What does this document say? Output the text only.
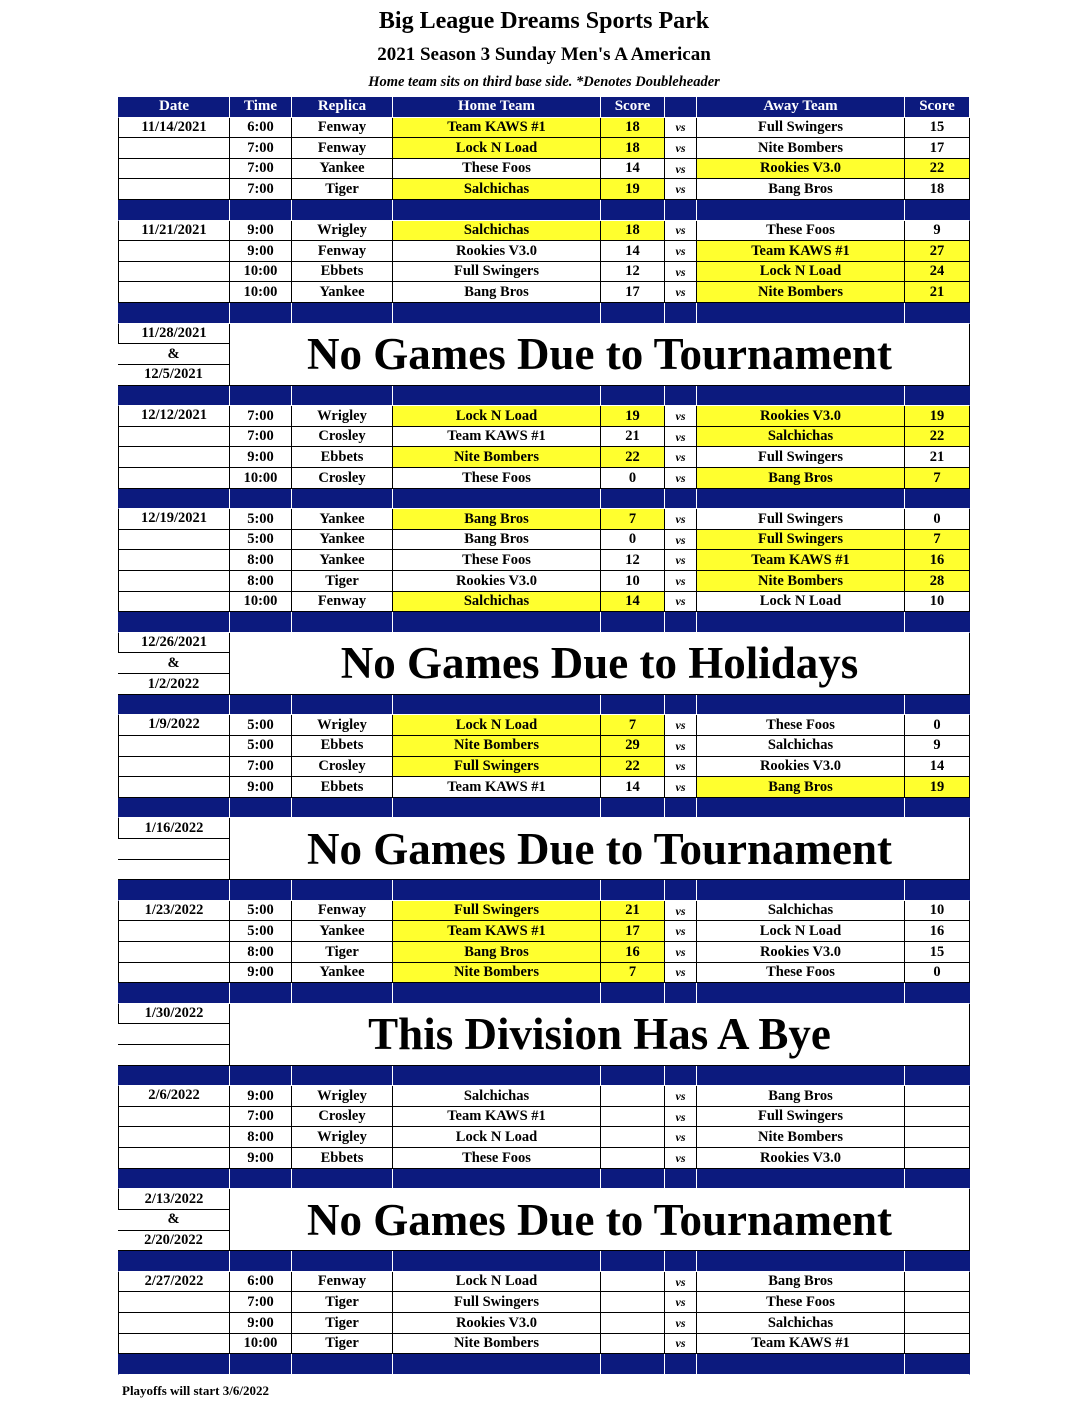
Big League Dreams Sports Park
2021 Season 3 Sunday Men's A American
Home team sits on third base side. *Denotes Doubleheader
Date	Time	Replica	Home Team	Score	Away Team	Score
11/14/2021	6:00	Fenway	Team KAWS #1	18	vs	Full Swingers	15
7:00	Fenway	Lock N Load	18	vs	Nite Bombers	17
7:00	Yankee	These Foos	14	vs	Rookies V3.0	22
7:00	Tiger	Salchichas	19	vs	Bang Bros	18
11/21/2021	9:00	Wrigley	Salchichas	18	vs	These Foos	9
9:00	Fenway	Rookies V3.0	14	vs	Team KAWS #1	27
10:00	Ebbets	Full Swingers	12	vs	Lock N Load	24
10:00	Yankee	Bang Bros	17	vs	Nite Bombers	21
11/28/2021
&
12/5/2021	No Games Due to Tournament
12/12/2021	7:00	Wrigley	Lock N Load	19	vs	Rookies V3.0	19
7:00	Crosley	Team KAWS #1	21	vs	Salchichas	22
9:00	Ebbets	Nite Bombers	22	vs	Full Swingers	21
10:00	Crosley	These Foos	0	vs	Bang Bros	7
12/19/2021	5:00	Yankee	Bang Bros	7	vs	Full Swingers	0
5:00	Yankee	Bang Bros	0	vs	Full Swingers	7
8:00	Yankee	These Foos	12	vs	Team KAWS #1	16
8:00	Tiger	Rookies V3.0	10	vs	Nite Bombers	28
10:00	Fenway	Salchichas	14	vs	Lock N Load	10
12/26/2021
&
1/2/2022	No Games Due to Holidays
1/9/2022	5:00	Wrigley	Lock N Load	7	vs	These Foos	0
5:00	Ebbets	Nite Bombers	29	vs	Salchichas	9
7:00	Crosley	Full Swingers	22	vs	Rookies V3.0	14
9:00	Ebbets	Team KAWS #1	14	vs	Bang Bros	19
1/16/2022	No Games Due to Tournament
1/23/2022	5:00	Fenway	Full Swingers	21	vs	Salchichas	10
5:00	Yankee	Team KAWS #1	17	vs	Lock N Load	16
8:00	Tiger	Bang Bros	16	vs	Rookies V3.0	15
9:00	Yankee	Nite Bombers	7	vs	These Foos	0
1/30/2022	This Division Has A Bye
2/6/2022	9:00	Wrigley	Salchichas	vs	Bang Bros
7:00	Crosley	Team KAWS #1	vs	Full Swingers
8:00	Wrigley	Lock N Load	vs	Nite Bombers
9:00	Ebbets	These Foos	vs	Rookies V3.0
2/13/2022
&
2/20/2022	No Games Due to Tournament
2/27/2022	6:00	Fenway	Lock N Load	vs	Bang Bros
7:00	Tiger	Full Swingers	vs	These Foos
9:00	Tiger	Rookies V3.0	vs	Salchichas
10:00	Tiger	Nite Bombers	vs	Team KAWS #1
Playoffs will start 3/6/2022
